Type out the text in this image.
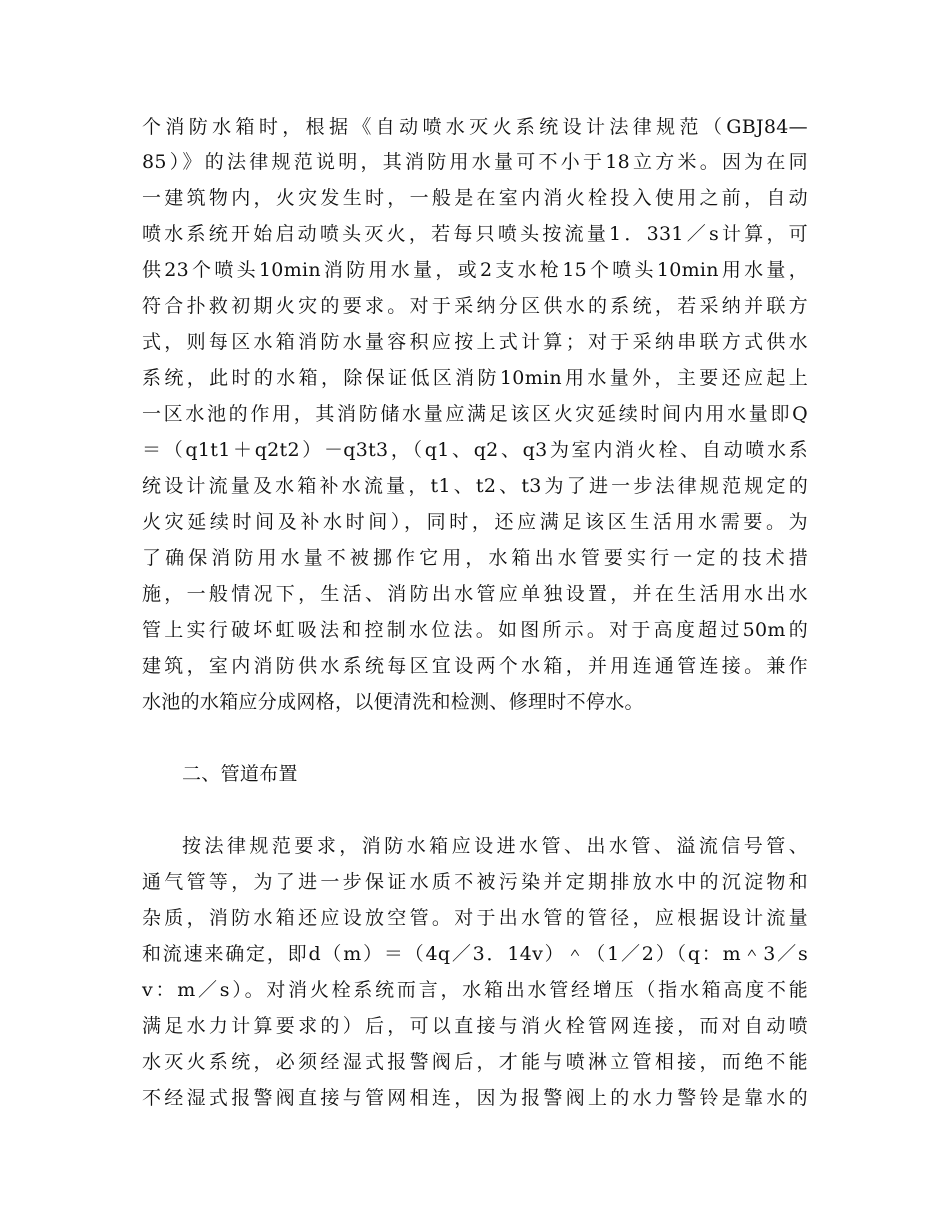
个消防水箱时，根据《自动喷水灭火系统设计法律规范（GBJ84—
85）》的法律规范说明，其消防用水量可不小于18立方米。因为在同
一建筑物内，火灾发生时，一般是在室内消火栓投入使用之前，自动
喷水系统开始启动喷头灭火，若每只喷头按流量1．331／s计算，可
供23个喷头10min消防用水量，或2支水枪15个喷头10min用水量，
符合扑救初期火灾的要求。对于采纳分区供水的系统，若采纳并联方
式，则每区水箱消防水量容积应按上式计算；对于采纳串联方式供水
系统，此时的水箱，除保证低区消防10min用水量外，主要还应起上
一区水池的作用，其消防储水量应满足该区火灾延续时间内用水量即Q
＝（q1t1＋q2t2）－q3t3，（q1、q2、q3为室内消火栓、自动喷水系
统设计流量及水箱补水流量，t1、t2、t3为了进一步法律规范规定的
火灾延续时间及补水时间），同时，还应满足该区生活用水需要。为
了确保消防用水量不被挪作它用，水箱出水管要实行一定的技术措
施，一般情况下，生活、消防出水管应单独设置，并在生活用水出水
管上实行破坏虹吸法和控制水位法。如图所示。对于高度超过50m的
建筑，室内消防供水系统每区宜设两个水箱，并用连通管连接。兼作
水池的水箱应分成网格，以便清洗和检测、修理时不停水。
二、管道布置
按法律规范要求，消防水箱应设进水管、出水管、溢流信号管、
通气管等，为了进一步保证水质不被污染并定期排放水中的沉淀物和
杂质，消防水箱还应设放空管。对于出水管的管径，应根据设计流量
和流速来确定，即d（m）＝（4q／3．14v）＾（1／2）（q：m＾3／s
v：m／s）。对消火栓系统而言，水箱出水管经增压（指水箱高度不能
满足水力计算要求的）后，可以直接与消火栓管网连接，而对自动喷
水灭火系统，必须经湿式报警阀后，才能与喷淋立管相接，而绝不能
不经湿式报警阀直接与管网相连，因为报警阀上的水力警铃是靠水的
